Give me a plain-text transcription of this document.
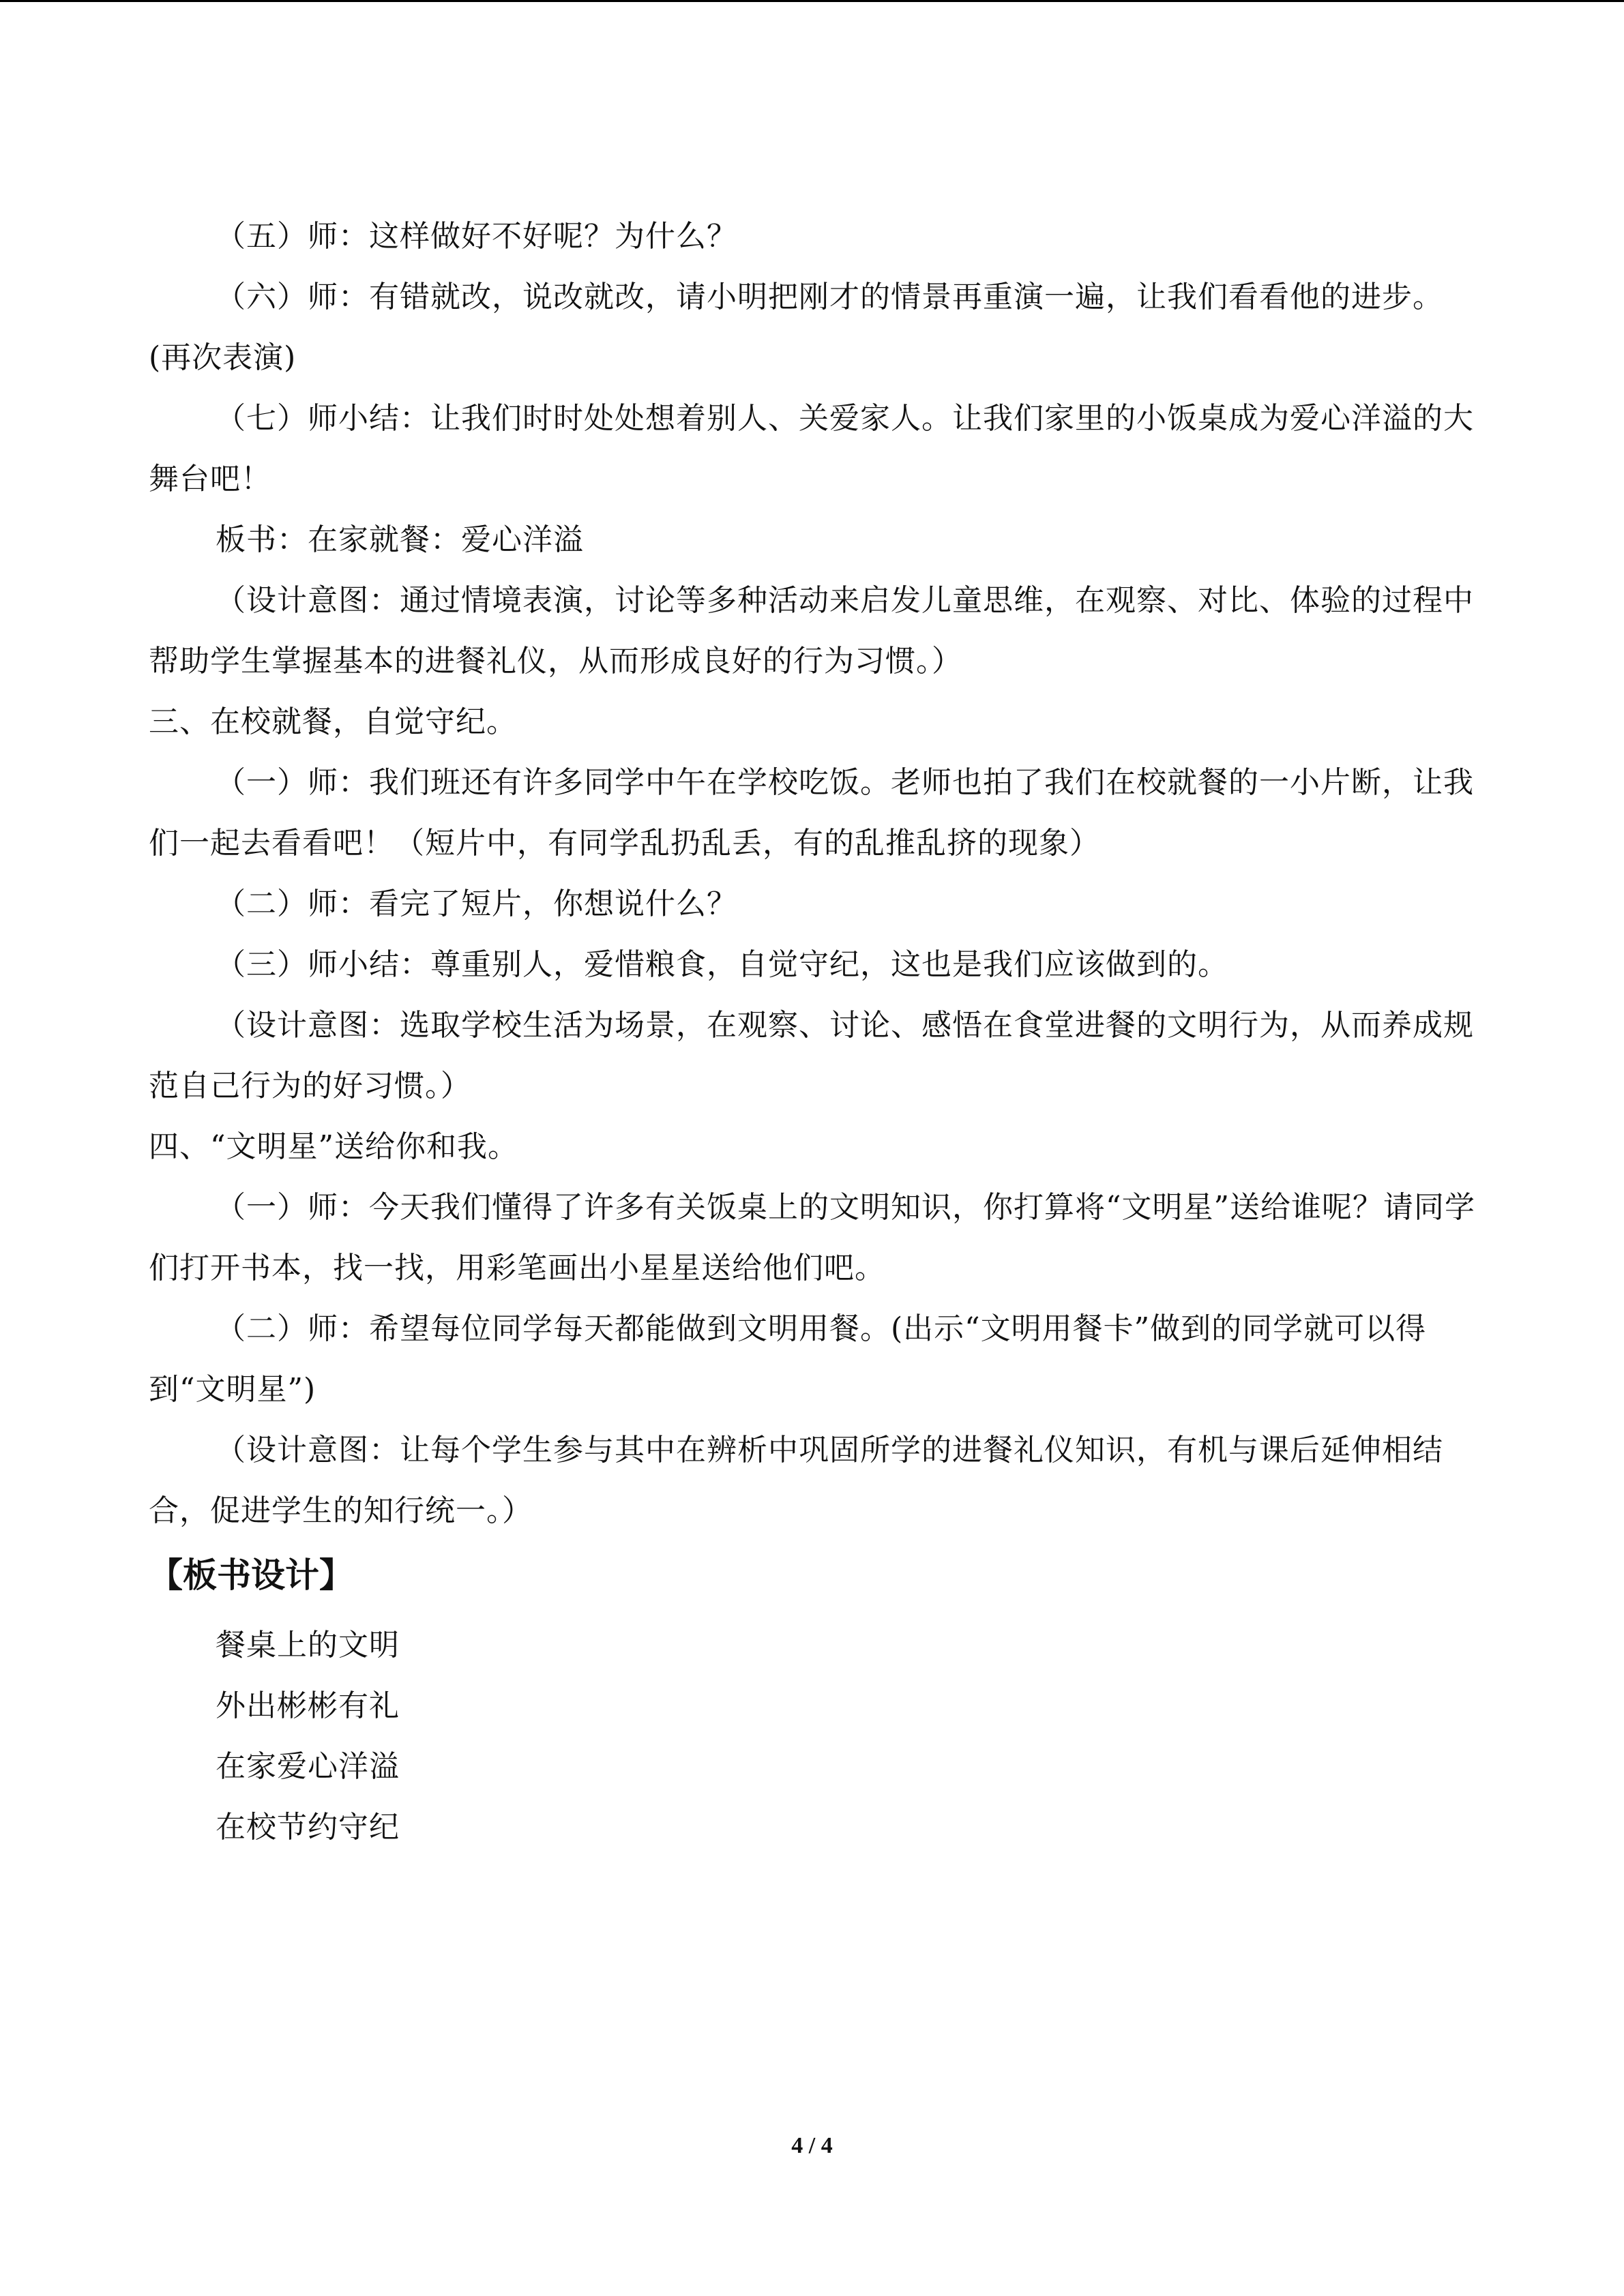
（五）师：这样做好不好呢？为什么？

（六）师：有错就改，说改就改，请小明把刚才的情景再重演一遍，让我们看看他的进步。(再次表演)

（七）师小结：让我们时时处处想着别人、关爱家人。让我们家里的小饭桌成为爱心洋溢的大舞台吧！

板书：在家就餐：爱心洋溢

（设计意图：通过情境表演，讨论等多种活动来启发儿童思维，在观察、对比、体验的过程中帮助学生掌握基本的进餐礼仪，从而形成良好的行为习惯。）

三、在校就餐，自觉守纪。

（一）师：我们班还有许多同学中午在学校吃饭。老师也拍了我们在校就餐的一小片断，让我们一起去看看吧！（短片中，有同学乱扔乱丢，有的乱推乱挤的现象）

（二）师：看完了短片，你想说什么？

（三）师小结：尊重别人，爱惜粮食，自觉守纪，这也是我们应该做到的。

（设计意图：选取学校生活为场景，在观察、讨论、感悟在食堂进餐的文明行为，从而养成规范自己行为的好习惯。）

四、“文明星”送给你和我。

（一）师：今天我们懂得了许多有关饭桌上的文明知识，你打算将“文明星”送给谁呢？请同学们打开书本，找一找，用彩笔画出小星星送给他们吧。

（二）师：希望每位同学每天都能做到文明用餐。(出示“文明用餐卡”做到的同学就可以得到“文明星”)

（设计意图：让每个学生参与其中在辨析中巩固所学的进餐礼仪知识，有机与课后延伸相结合，促进学生的知行统一。）

【板书设计】

餐桌上的文明

外出彬彬有礼

在家爱心洋溢

在校节约守纪

4 / 4
